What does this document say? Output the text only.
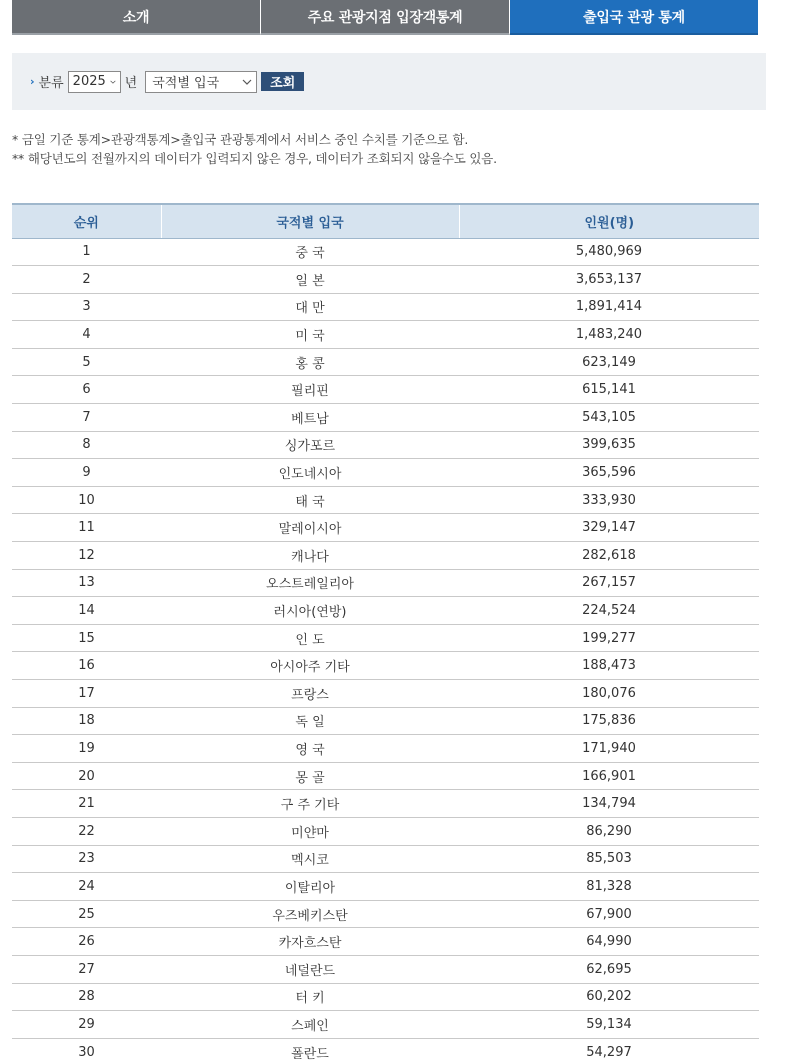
소개	주요 관광지점 입장객통계	출입국 관광 통계
› 분류 2025 년 국적별 입국	조회
* 금일 기준 통계>관광객통계>출입국 관광통계에서 서비스 중인 수치를 기준으로 함.
** 해당년도의 전월까지의 데이터가 입력되지 않은 경우, 데이터가 조회되지 않을수도 있음.
순위	국적별 입국	인원(명)
1	중 국	5,480,969
2	일 본	3,653,137
3	대 만	1,891,414
4	미 국	1,483,240
5	홍 콩	623,149
6	필리핀	615,141
7	베트남	543,105
8	싱가포르	399,635
9	인도네시아	365,596
10	태 국	333,930
11	말레이시아	329,147
12	캐나다	282,618
13	오스트레일리아	267,157
14	러시아(연방)	224,524
15	인 도	199,277
16	아시아주 기타	188,473
17	프랑스	180,076
18	독 일	175,836
19	영 국	171,940
20	몽 골	166,901
21	구 주 기타	134,794
22	미얀마	86,290
23	멕시코	85,503
24	이탈리아	81,328
25	우즈베키스탄	67,900
26	카자흐스탄	64,990
27	네덜란드	62,695
28	터 키	60,202
29	스페인	59,134
30	폴란드	54,297
